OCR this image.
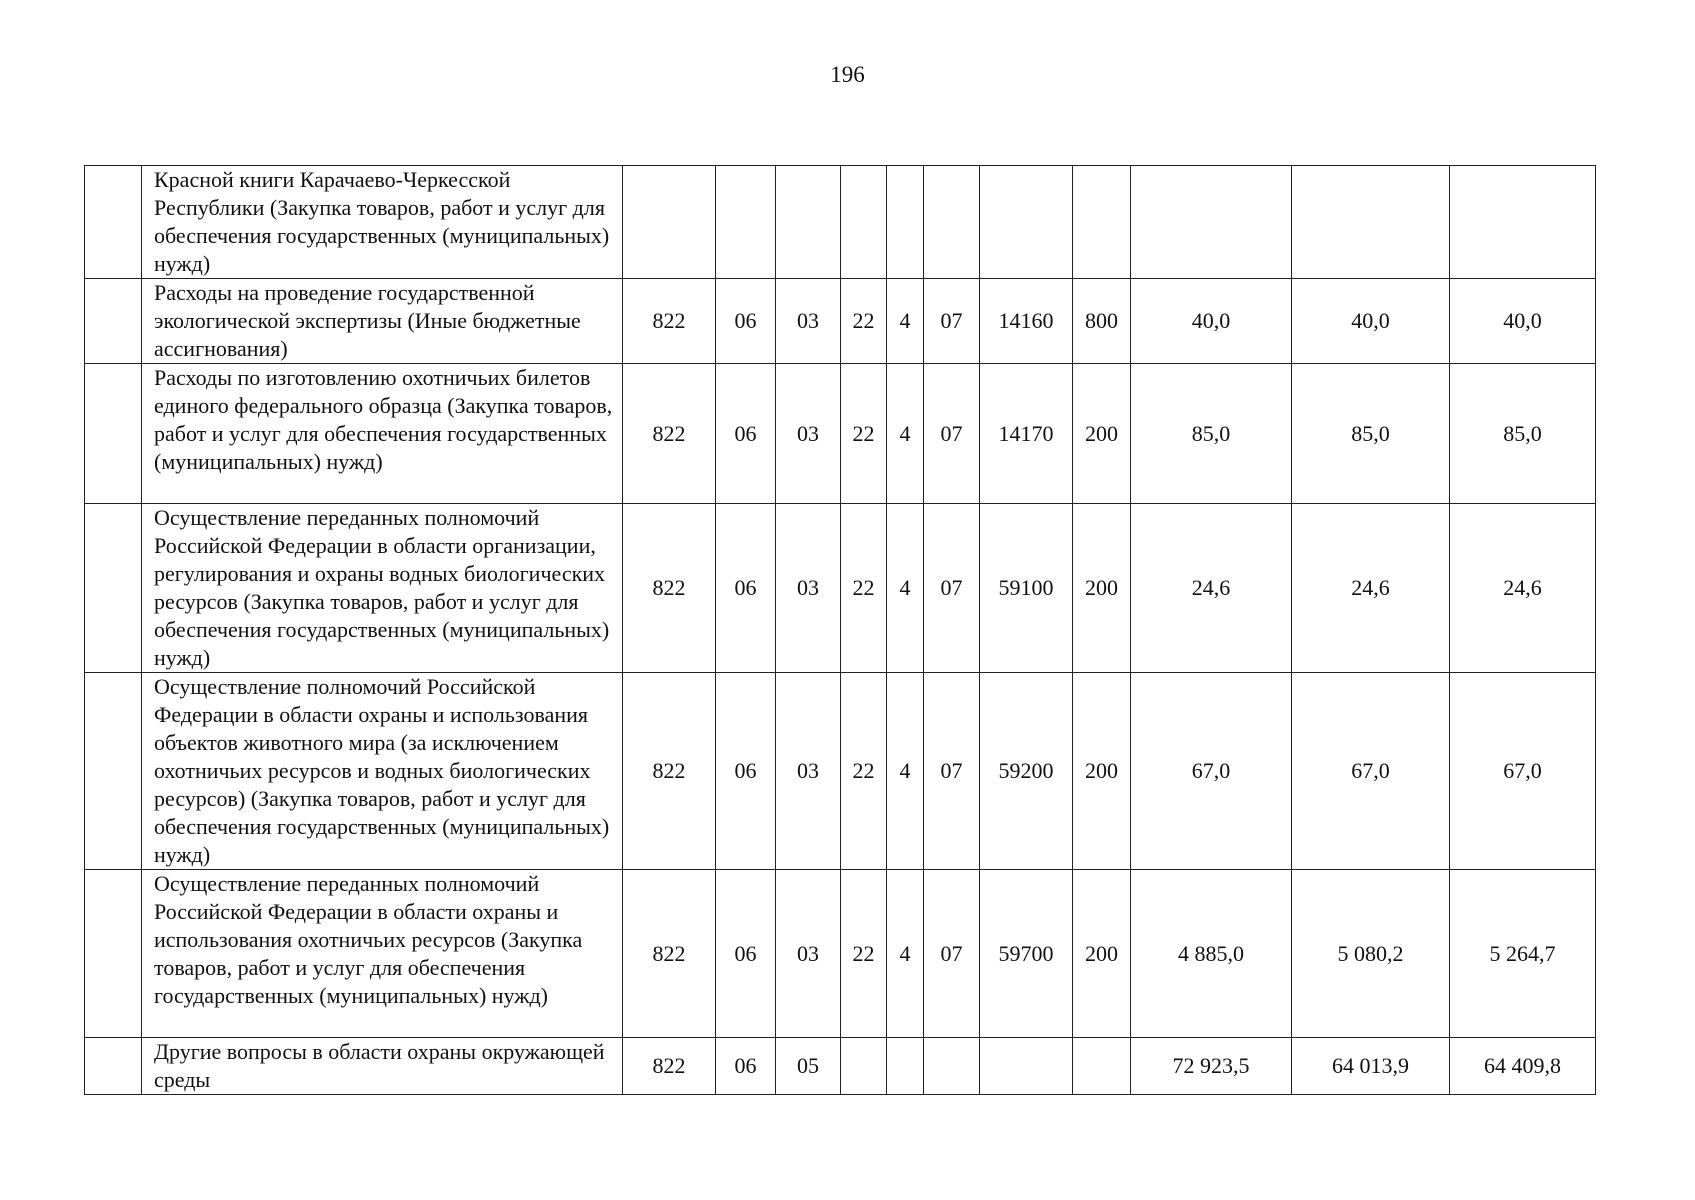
196
	Красной книги Карачаево-Черкесской Республики (Закупка товаров, работ и услуг для обеспечения государственных (муниципальных) нужд)											
	Расходы на проведение государственной экологической экспертизы (Иные бюджетные ассигнования)	822	06	03	22	4	07	14160	800	40,0	40,0	40,0
	Расходы по изготовлению охотничьих билетов единого федерального образца (Закупка товаров, работ и услуг для обеспечения государственных (муниципальных) нужд)	822	06	03	22	4	07	14170	200	85,0	85,0	85,0
	Осуществление переданных полномочий Российской Федерации в области организации, регулирования и охраны водных биологических ресурсов (Закупка товаров, работ и услуг для обеспечения государственных (муниципальных) нужд)	822	06	03	22	4	07	59100	200	24,6	24,6	24,6
	Осуществление полномочий Российской Федерации в области охраны и использования объектов животного мира (за исключением охотничьих ресурсов и водных биологических ресурсов) (Закупка товаров, работ и услуг для обеспечения государственных (муниципальных) нужд)	822	06	03	22	4	07	59200	200	67,0	67,0	67,0
	Осуществление переданных полномочий Российской Федерации в области охраны и использования охотничьих ресурсов (Закупка товаров, работ и услуг для обеспечения государственных (муниципальных) нужд)	822	06	03	22	4	07	59700	200	4 885,0	5 080,2	5 264,7
	Другие вопросы в области охраны окружающей среды	822	06	05						72 923,5	64 013,9	64 409,8
